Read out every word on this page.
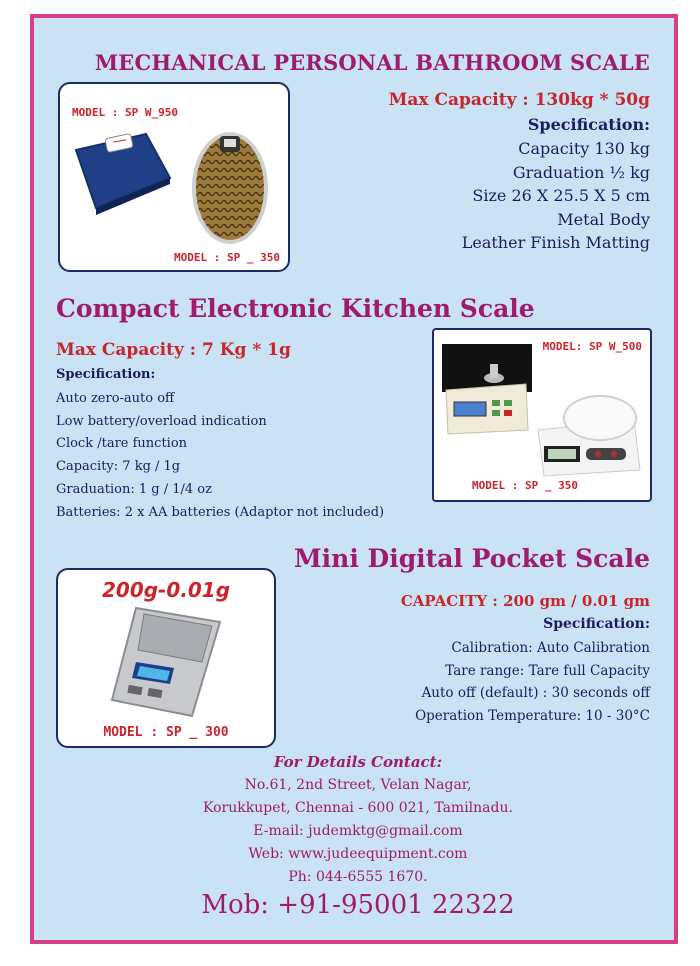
MECHANICAL PERSONAL BATHROOM SCALE
MODEL : SP W_950
MODEL : SP _ 350
Max Capacity : 130kg * 50g
Specification:
Capacity 130 kg
Graduation ½ kg
Size 26 X 25.5 X 5 cm
Metal Body
Leather Finish Matting
Compact Electronic Kitchen Scale
Max Capacity : 7 Kg * 1g
Specification:
Auto zero-auto off
Low battery/overload indication
Clock /tare function
Capacity: 7 kg / 1g
Graduation: 1 g / 1/4 oz
Batteries: 2 x AA batteries (Adaptor not included)
MODEL: SP W_500
MODEL : SP _ 350
Mini Digital Pocket Scale
200g-0.01g
MODEL : SP _ 300
CAPACITY : 200 gm / 0.01 gm
Specification:
Calibration: Auto Calibration
Tare range: Tare full Capacity
Auto off (default) : 30 seconds off
Operation Temperature: 10 - 30°C
For Details Contact:
No.61, 2nd Street, Velan Nagar,
Korukkupet, Chennai - 600 021, Tamilnadu.
E-mail: judemktg@gmail.com
Web: www.judeequipment.com
Ph: 044-6555 1670.
Mob: +91-95001 22322
